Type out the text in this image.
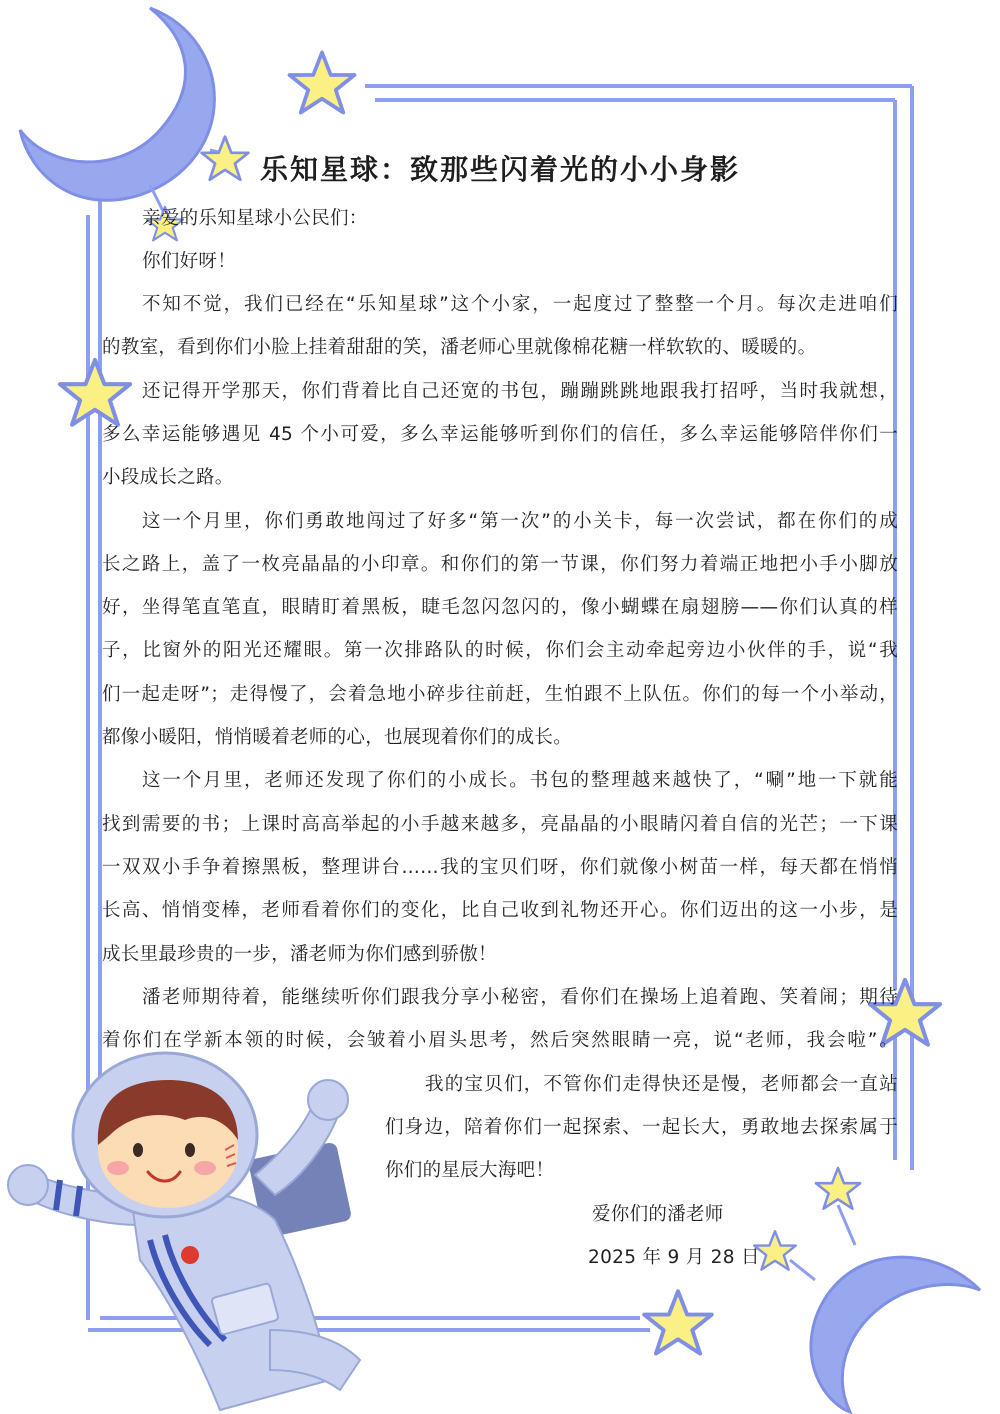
乐知星球：致那些闪着光的小小身影
亲爱的乐知星球小公民们：
你们好呀！
不知不觉，我们已经在“乐知星球”这个小家，一起度过了整整一个月。每次走进咱们
的教室，看到你们小脸上挂着甜甜的笑，潘老师心里就像棉花糖一样软软的、暖暖的。
还记得开学那天，你们背着比自己还宽的书包，蹦蹦跳跳地跟我打招呼，当时我就想，
多么幸运能够遇见 45 个小可爱，多么幸运能够听到你们的信任，多么幸运能够陪伴你们一
小段成长之路。
这一个月里，你们勇敢地闯过了好多“第一次”的小关卡，每一次尝试，都在你们的成
长之路上，盖了一枚亮晶晶的小印章。和你们的第一节课，你们努力着端正地把小手小脚放
好，坐得笔直笔直，眼睛盯着黑板，睫毛忽闪忽闪的，像小蝴蝶在扇翅膀——你们认真的样
子，比窗外的阳光还耀眼。第一次排路队的时候，你们会主动牵起旁边小伙伴的手，说“我
们一起走呀”；走得慢了，会着急地小碎步往前赶，生怕跟不上队伍。你们的每一个小举动，
都像小暖阳，悄悄暖着老师的心，也展现着你们的成长。
这一个月里，老师还发现了你们的小成长。书包的整理越来越快了，“唰”地一下就能
找到需要的书；上课时高高举起的小手越来越多，亮晶晶的小眼睛闪着自信的光芒；一下课
一双双小手争着擦黑板，整理讲台……我的宝贝们呀，你们就像小树苗一样，每天都在悄悄
长高、悄悄变棒，老师看着你们的变化，比自己收到礼物还开心。你们迈出的这一小步，是
成长里最珍贵的一步，潘老师为你们感到骄傲！
潘老师期待着，能继续听你们跟我分享小秘密，看你们在操场上追着跑、笑着闹；期待
着你们在学新本领的时候，会皱着小眉头思考，然后突然眼睛一亮，说“老师，我会啦”。
我的宝贝们，不管你们走得快还是慢，老师都会一直站
们身边，陪着你们一起探索、一起长大，勇敢地去探索属于
你们的星辰大海吧！
爱你们的潘老师
2025 年 9 月 28 日
